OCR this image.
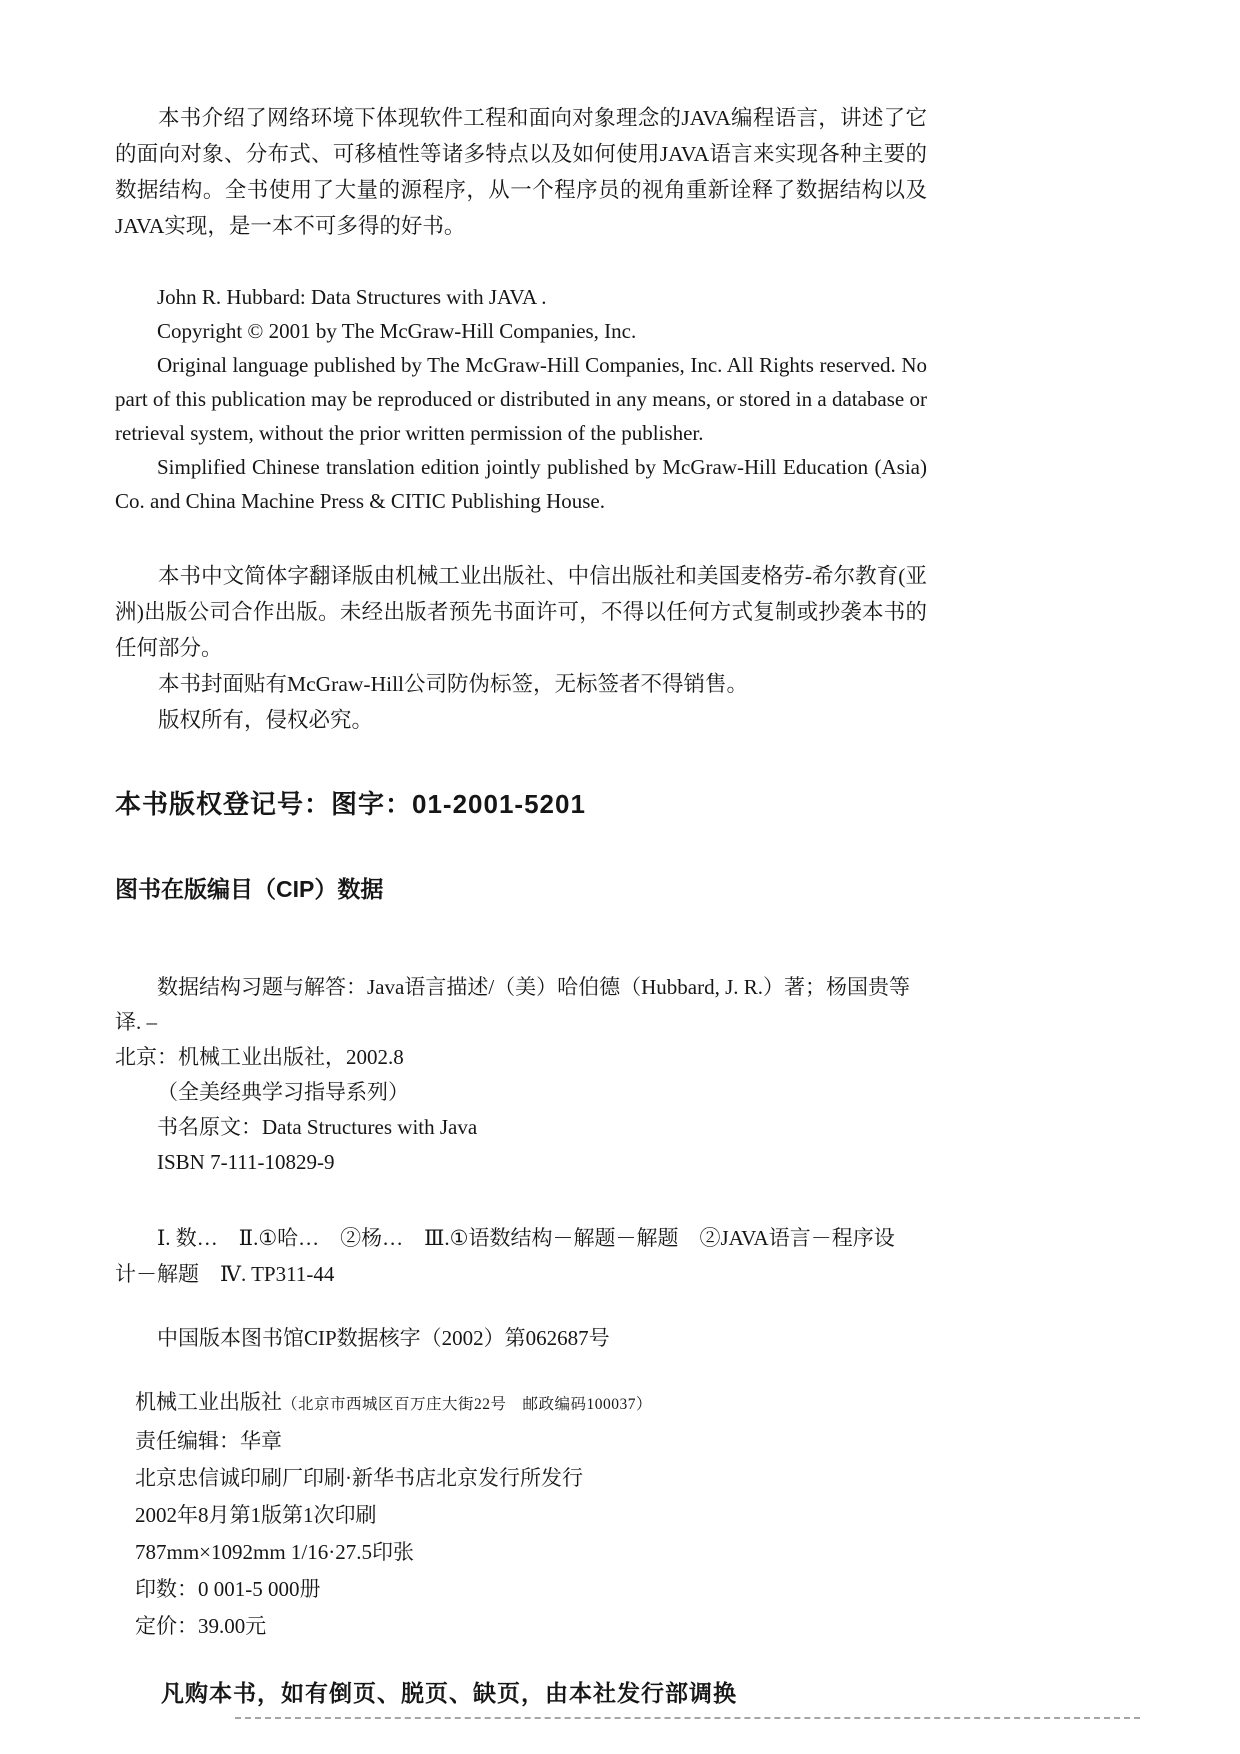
本书介绍了网络环境下体现软件工程和面向对象理念的JAVA编程语言，讲述了它的面向对象、分布式、可移植性等诸多特点以及如何使用JAVA语言来实现各种主要的数据结构。全书使用了大量的源程序，从一个程序员的视角重新诠释了数据结构以及JAVA实现，是一本不可多得的好书。

John R. Hubbard: Data Structures with JAVA .

Copyright © 2001 by The McGraw-Hill Companies, Inc.

Original language published by The McGraw-Hill Companies, Inc. All Rights reserved. No part of this publication may be reproduced or distributed in any means, or stored in a database or retrieval system, without the prior written permission of the publisher.

Simplified Chinese translation edition jointly published by McGraw-Hill Education (Asia) Co. and China Machine Press & CITIC Publishing House.

本书中文简体字翻译版由机械工业出版社、中信出版社和美国麦格劳-希尔教育(亚洲)出版公司合作出版。未经出版者预先书面许可，不得以任何方式复制或抄袭本书的任何部分。

本书封面贴有McGraw-Hill公司防伪标签，无标签者不得销售。

版权所有，侵权必究。

本书版权登记号：图字：01-2001-5201
图书在版编目（CIP）数据
数据结构习题与解答：Java语言描述/（美）哈伯德（Hubbard, J. R.）著；杨国贵等译. –
北京：机械工业出版社，2002.8
（全美经典学习指导系列）
书名原文：Data Structures with Java
ISBN 7-111-10829-9
Ⅰ. 数…　Ⅱ.①哈…　②杨…　Ⅲ.①语数结构－解题－解题　②JAVA语言－程序设
计－解题　Ⅳ. TP311-44
中国版本图书馆CIP数据核字（2002）第062687号
机械工业出版社（北京市西城区百万庄大街22号　邮政编码100037）
责任编辑：华章
北京忠信诚印刷厂印刷·新华书店北京发行所发行
2002年8月第1版第1次印刷
787mm×1092mm 1/16·27.5印张
印数：0 001-5 000册
定价：39.00元
凡购本书，如有倒页、脱页、缺页，由本社发行部调换
